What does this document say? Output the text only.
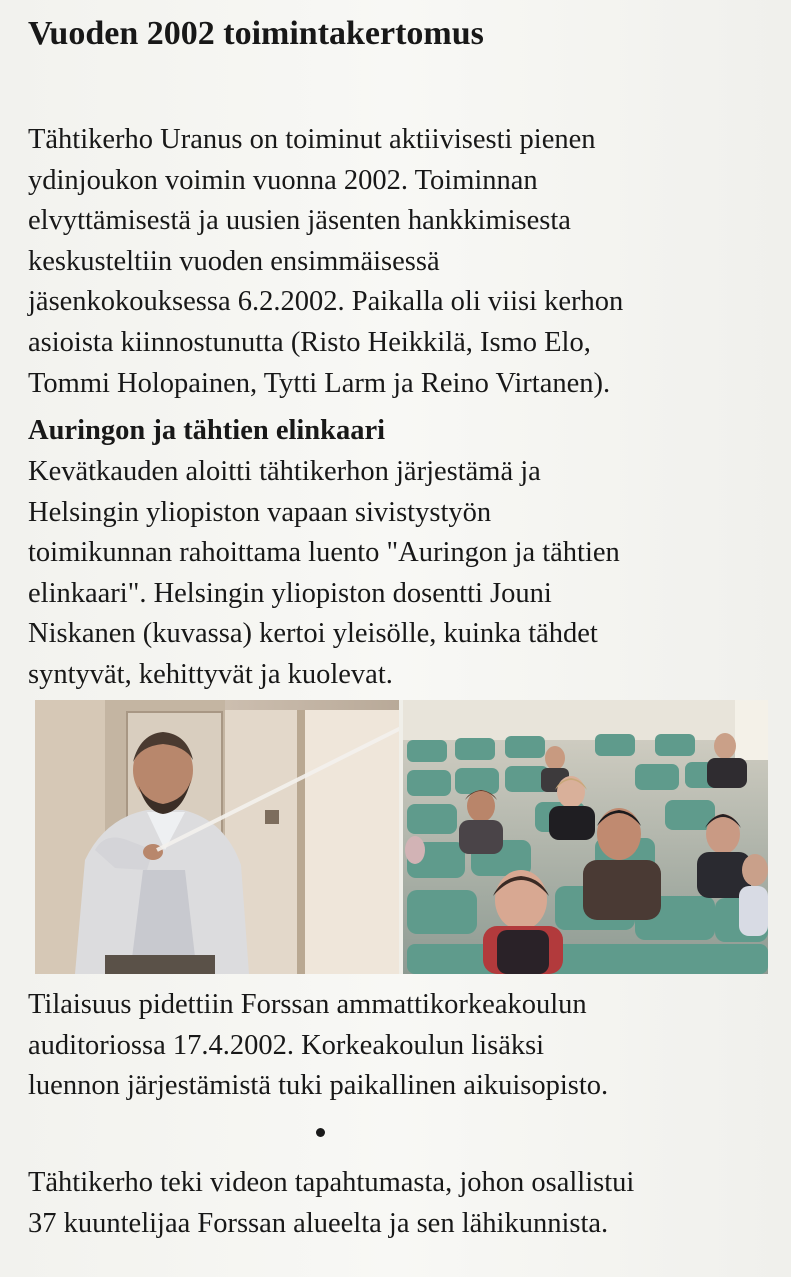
Vuoden 2002 toimintakertomus
Tähtikerho Uranus on toiminut aktiivisesti pienen
ydinjoukon voimin vuonna 2002. Toiminnan
elvyttämisestä ja uusien jäsenten hankkimisesta
keskusteltiin vuoden ensimmäisessä
jäsenkokouksessa 6.2.2002. Paikalla oli viisi kerhon
asioista kiinnostunutta (Risto Heikkilä, Ismo Elo,
Tommi Holopainen, Tytti Larm ja Reino Virtanen).
Auringon ja tähtien elinkaari
Kevätkauden aloitti tähtikerhon järjestämä ja
Helsingin yliopiston vapaan sivistystyön
toimikunnan rahoittama luento "Auringon ja tähtien
elinkaari". Helsingin yliopiston dosentti Jouni
Niskanen (kuvassa) kertoi yleisölle, kuinka tähdet
syntyvät, kehittyvät ja kuolevat.
Tilaisuus pidettiin Forssan ammattikorkeakoulun
auditoriossa 17.4.2002. Korkeakoulun lisäksi
luennon järjestämistä tuki paikallinen aikuisopisto.
Tähtikerho teki videon tapahtumasta, johon osallistui
37 kuuntelijaa Forssan alueelta ja sen lähikunnista.
